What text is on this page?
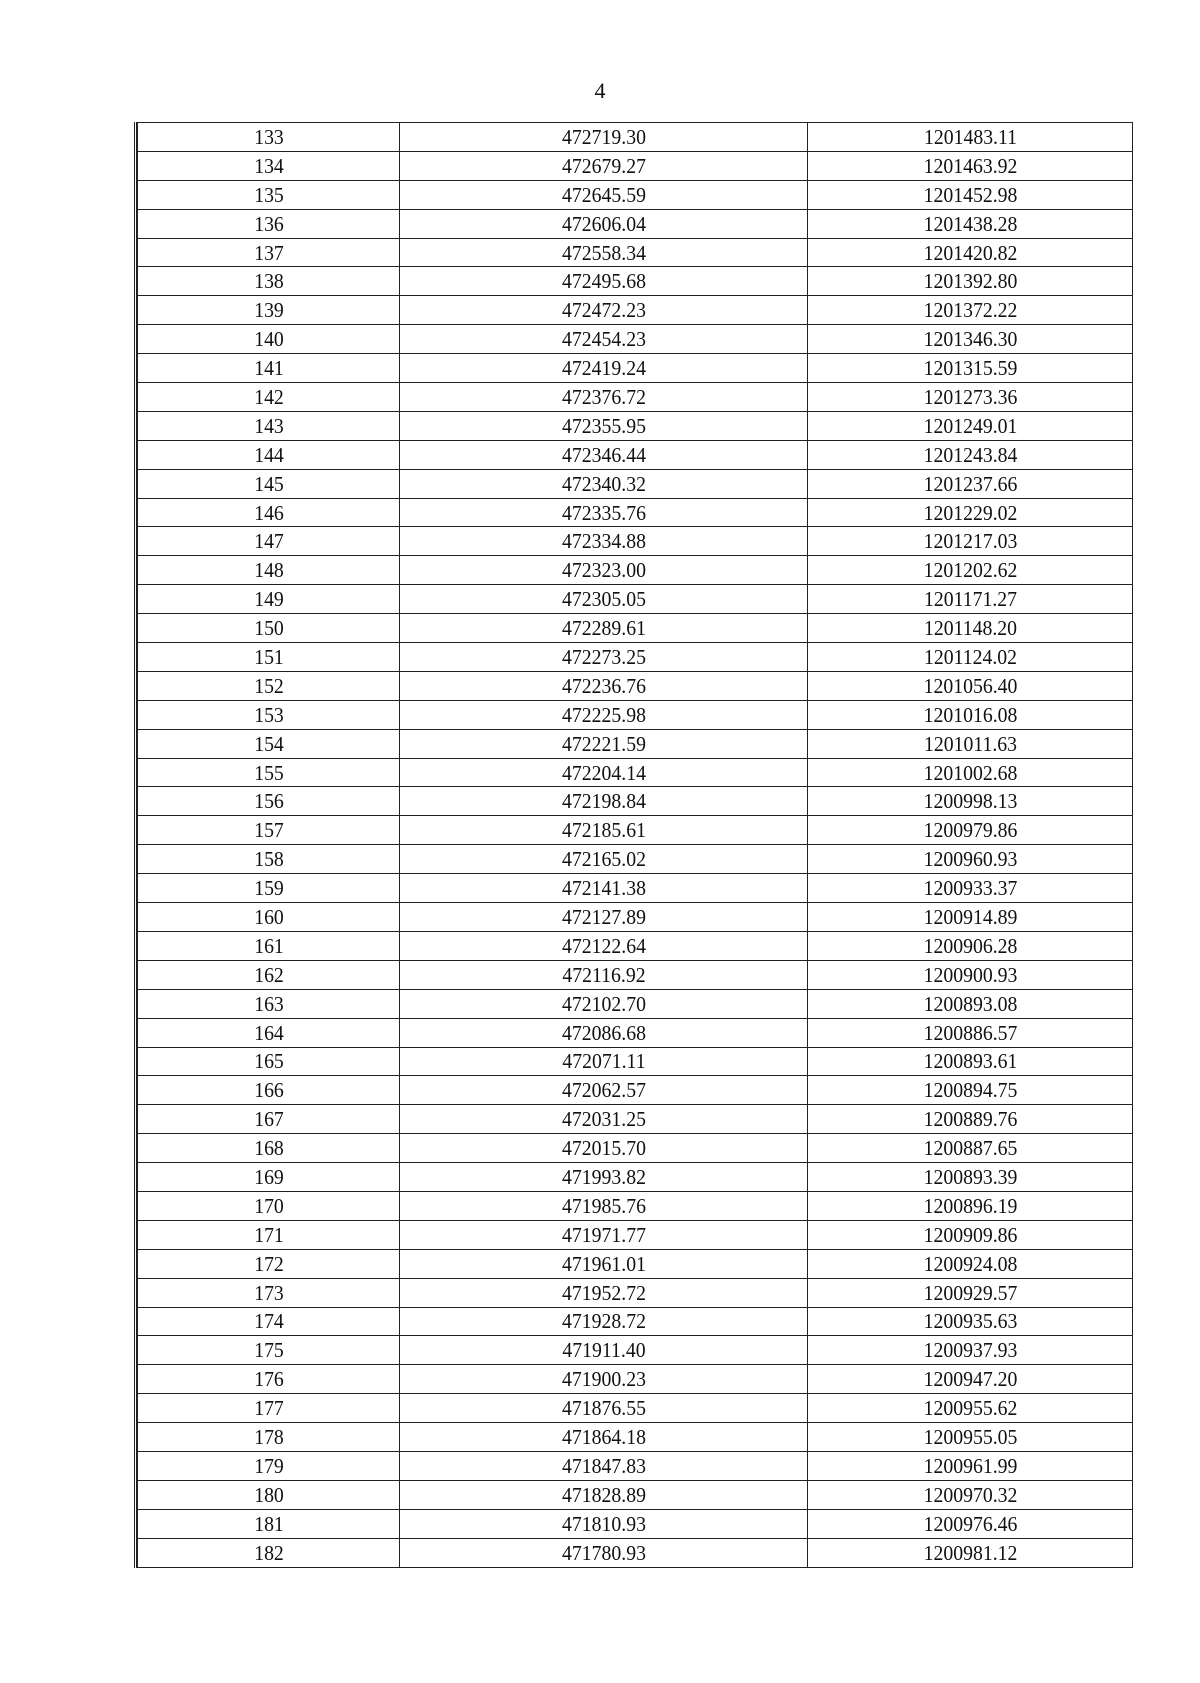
4
133	472719.30	1201483.11
134	472679.27	1201463.92
135	472645.59	1201452.98
136	472606.04	1201438.28
137	472558.34	1201420.82
138	472495.68	1201392.80
139	472472.23	1201372.22
140	472454.23	1201346.30
141	472419.24	1201315.59
142	472376.72	1201273.36
143	472355.95	1201249.01
144	472346.44	1201243.84
145	472340.32	1201237.66
146	472335.76	1201229.02
147	472334.88	1201217.03
148	472323.00	1201202.62
149	472305.05	1201171.27
150	472289.61	1201148.20
151	472273.25	1201124.02
152	472236.76	1201056.40
153	472225.98	1201016.08
154	472221.59	1201011.63
155	472204.14	1201002.68
156	472198.84	1200998.13
157	472185.61	1200979.86
158	472165.02	1200960.93
159	472141.38	1200933.37
160	472127.89	1200914.89
161	472122.64	1200906.28
162	472116.92	1200900.93
163	472102.70	1200893.08
164	472086.68	1200886.57
165	472071.11	1200893.61
166	472062.57	1200894.75
167	472031.25	1200889.76
168	472015.70	1200887.65
169	471993.82	1200893.39
170	471985.76	1200896.19
171	471971.77	1200909.86
172	471961.01	1200924.08
173	471952.72	1200929.57
174	471928.72	1200935.63
175	471911.40	1200937.93
176	471900.23	1200947.20
177	471876.55	1200955.62
178	471864.18	1200955.05
179	471847.83	1200961.99
180	471828.89	1200970.32
181	471810.93	1200976.46
182	471780.93	1200981.12
